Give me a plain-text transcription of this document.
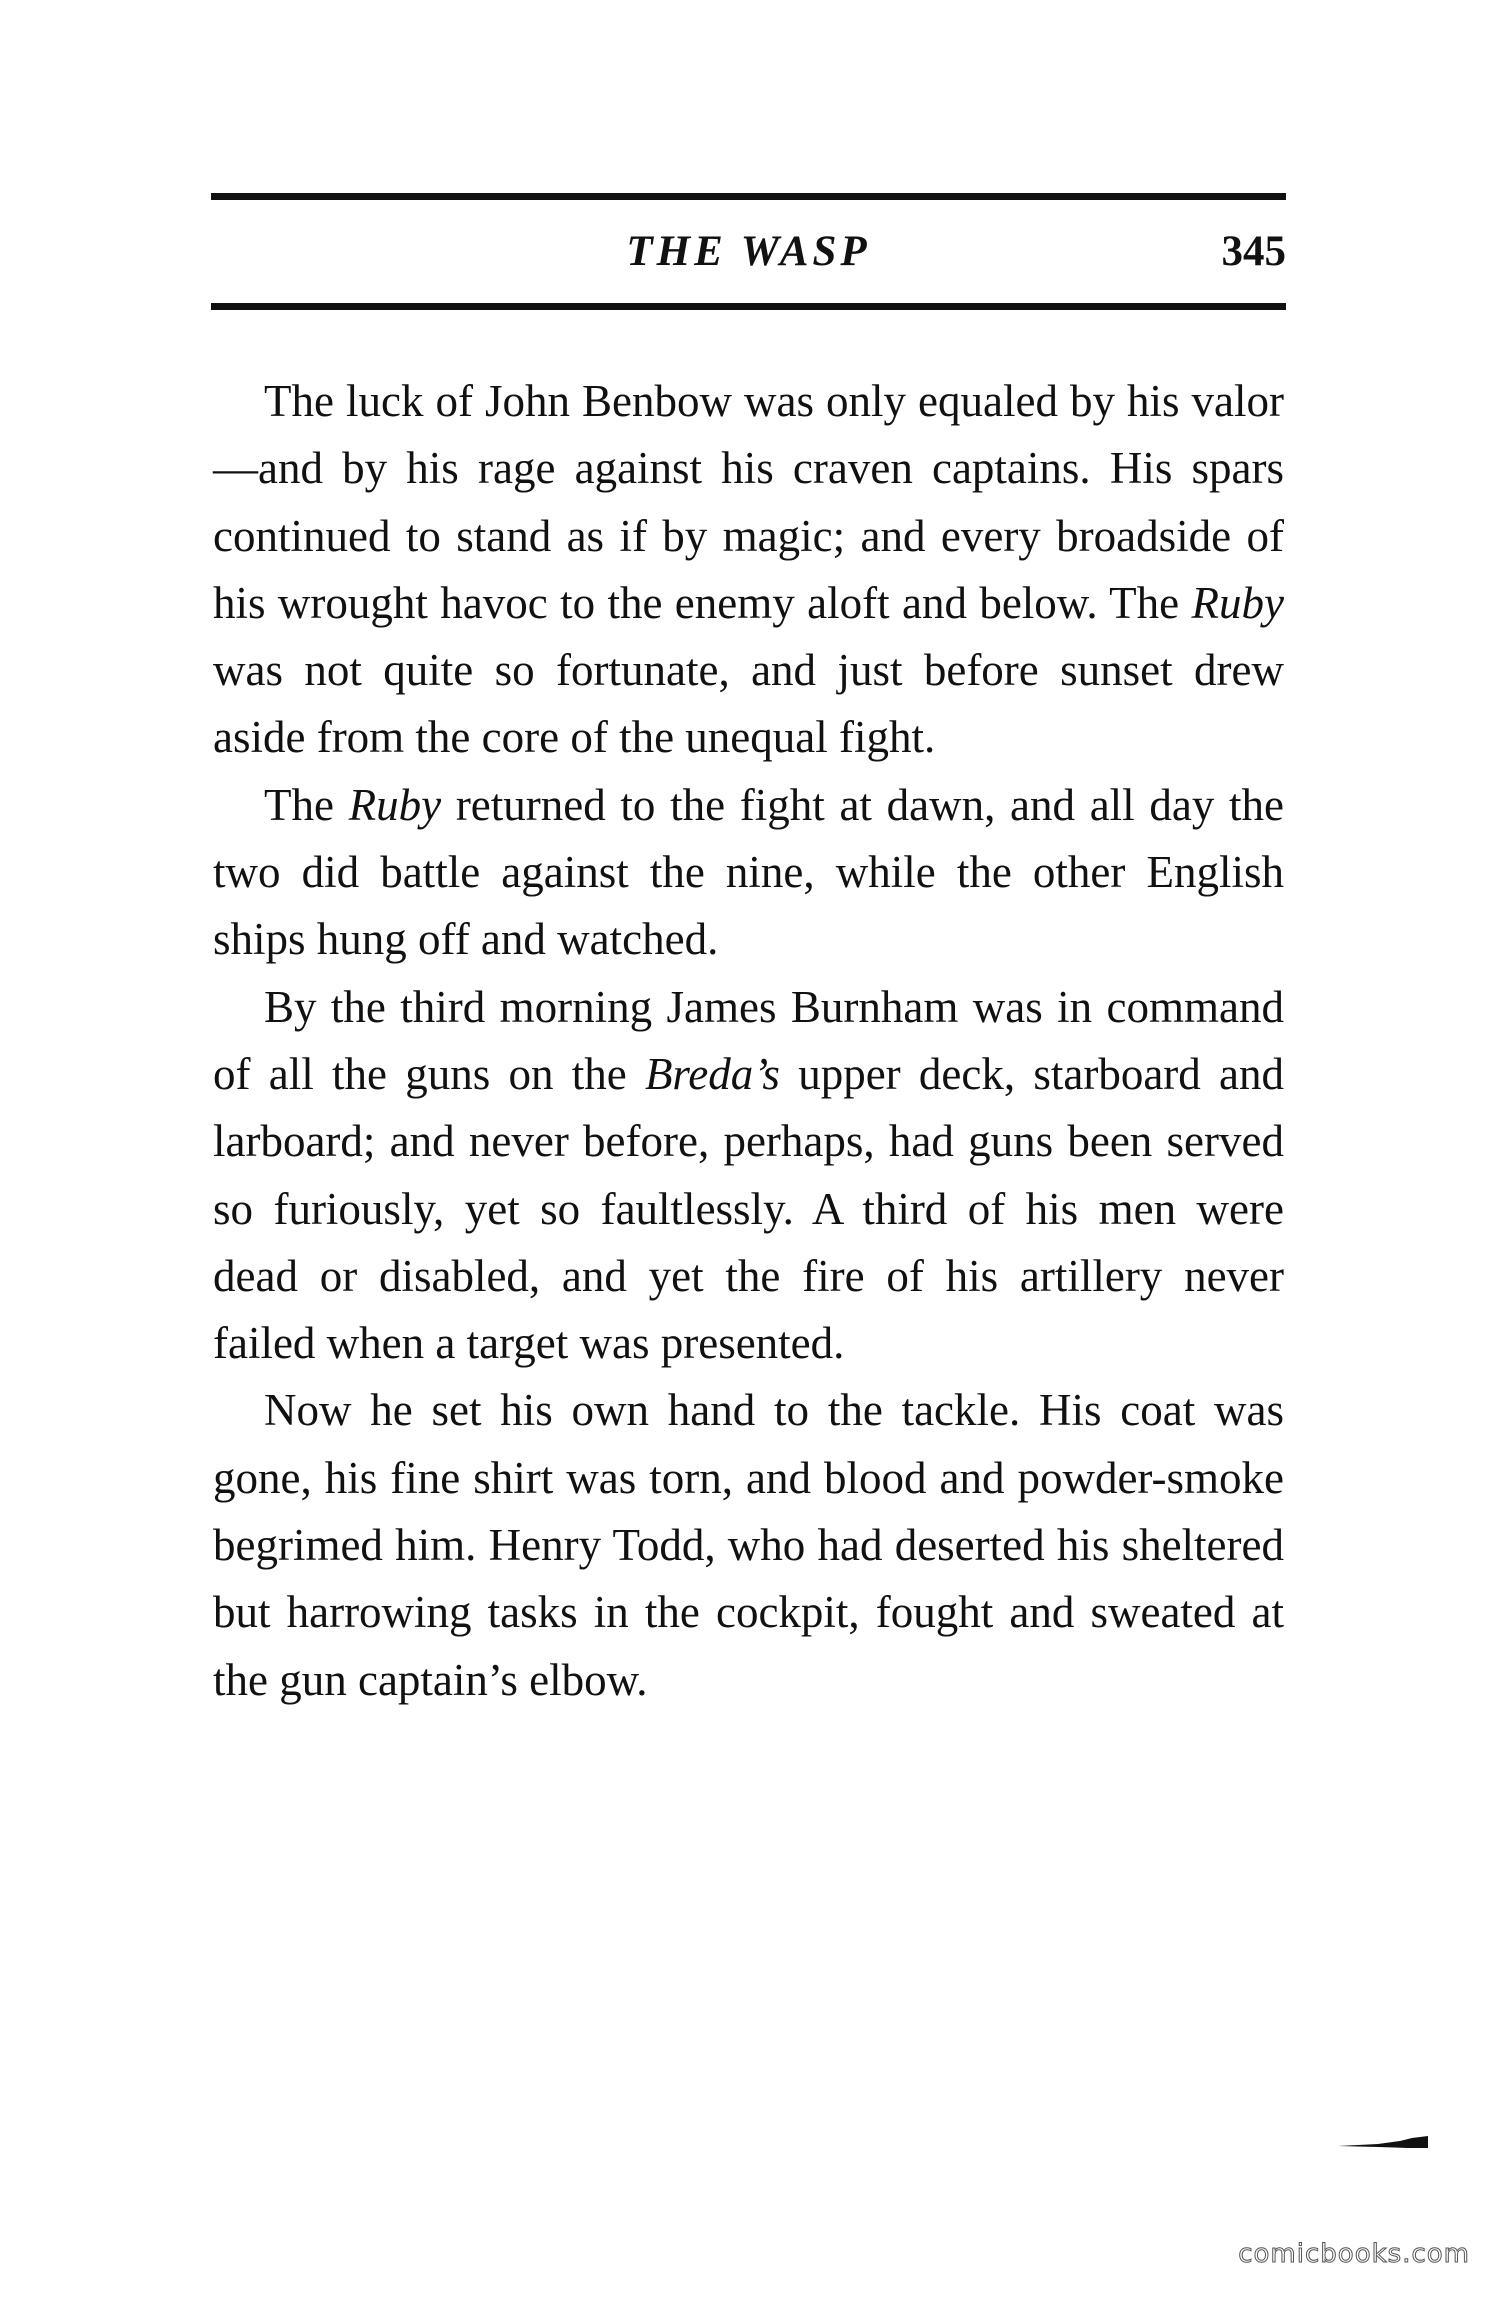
THE WASP	345

The luck of John Benbow was only equaled by his valor—and by his rage against his craven captains. His spars continued to stand as if by magic; and every broadside of his wrought havoc to the enemy aloft and below. The Ruby was not quite so fortunate, and just before sunset drew aside from the core of the unequal fight.

The Ruby returned to the fight at dawn, and all day the two did battle against the nine, while the other English ships hung off and watched.

By the third morning James Burnham was in command of all the guns on the Breda’s upper deck, starboard and larboard; and never before, perhaps, had guns been served so furiously, yet so faultlessly. A third of his men were dead or disabled, and yet the fire of his artillery never failed when a target was presented.

Now he set his own hand to the tackle. His coat was gone, his fine shirt was torn, and blood and powder-smoke begrimed him. Henry Todd, who had deserted his sheltered but harrowing tasks in the cockpit, fought and sweated at the gun captain’s elbow.

comicbooks.com
